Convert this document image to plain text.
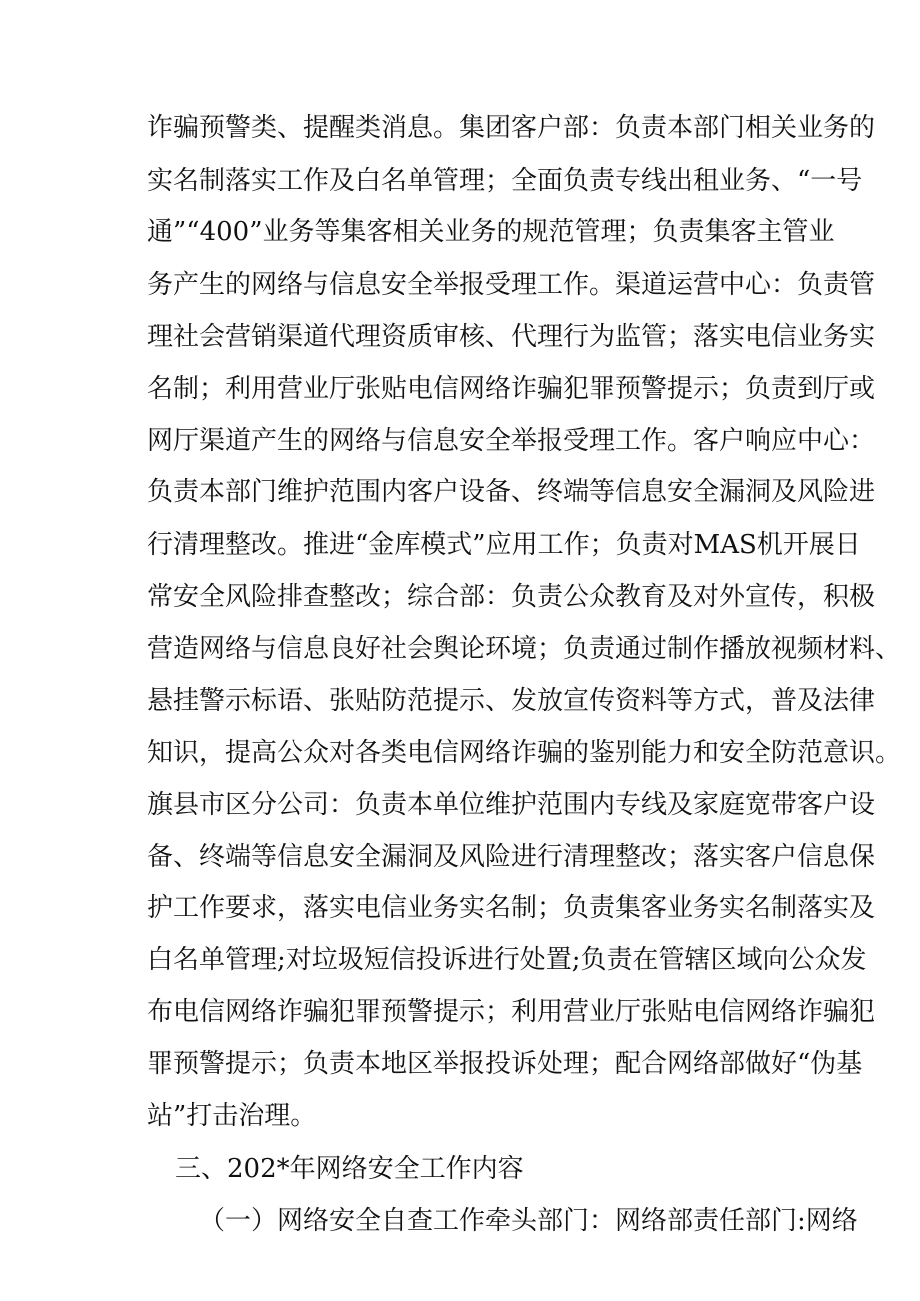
诈骗预警类、提醒类消息。集团客户部：负责本部门相关业务的
实名制落实工作及白名单管理；全面负责专线出租业务、“一号
通”“400”业务等集客相关业务的规范管理；负责集客主管业
务产生的网络与信息安全举报受理工作。渠道运营中心：负责管
理社会营销渠道代理资质审核、代理行为监管；落实电信业务实
名制；利用营业厅张贴电信网络诈骗犯罪预警提示；负责到厅或
网厅渠道产生的网络与信息安全举报受理工作。客户响应中心：
负责本部门维护范围内客户设备、终端等信息安全漏洞及风险进
行清理整改。推进“金库模式”应用工作；负责对MAS机开展日
常安全风险排查整改；综合部：负责公众教育及对外宣传，积极
营造网络与信息良好社会舆论环境；负责通过制作播放视频材料、
悬挂警示标语、张贴防范提示、发放宣传资料等方式，普及法律
知识，提高公众对各类电信网络诈骗的鉴别能力和安全防范意识。
旗县市区分公司：负责本单位维护范围内专线及家庭宽带客户设
备、终端等信息安全漏洞及风险进行清理整改；落实客户信息保
护工作要求，落实电信业务实名制；负责集客业务实名制落实及
白名单管理;对垃圾短信投诉进行处置;负责在管辖区域向公众发
布电信网络诈骗犯罪预警提示；利用营业厅张贴电信网络诈骗犯
罪预警提示；负责本地区举报投诉处理；配合网络部做好“伪基
站”打击治理。
三、202*年网络安全工作内容
（一）网络安全自查工作牵头部门：网络部责任部门:网络
